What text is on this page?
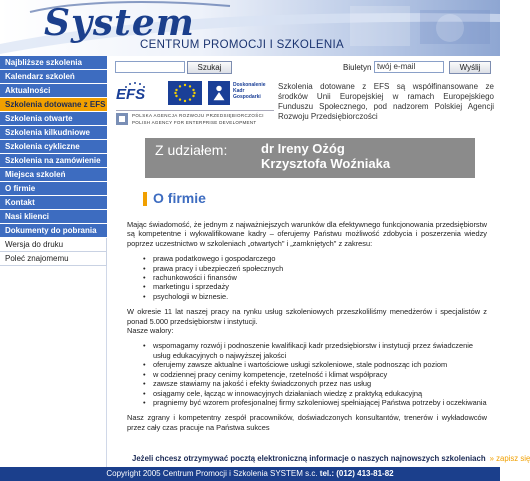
System
CENTRUM PROMOCJI I SZKOLENIA
Najbliższe szkolenia
Kalendarz szkoleń
Aktualności
Szkolenia dotowane z EFS
Szkolenia otwarte
Szkolenia kilkudniowe
Szkolenia cykliczne
Szkolenia na zamówienie
Miejsca szkoleń
O firmie
Kontakt
Nasi klienci
Dokumenty do pobrania
Wersja do druku
Poleć znajomemu
Szukaj	Biuletyn twój e-mail	Wyślij
EFS
Doskonalenie
Kadr
Gospodarki
POLSKA AGENCJA ROZWOJU PRZEDSIĘBIORCZOŚCI
POLISH AGENCY FOR ENTERPRISE DEVELOPMENT
Szkolenia dotowane z EFS są współfinansowane ze środków Unii Europejskiej w ramach Europejskiego Funduszu Społecznego, pod nadzorem Polskiej Agencji Rozwoju Przedsiębiorczości
Z udziałem:	dr Ireny Ożóg
Krzysztofa Woźniaka
O firmie

Mając świadomość, że jednym z najważniejszych warunków dla efektywnego funkcjonowania przedsiębiorstw są kompetentne i wykwalifikowane kadry – oferujemy Państwu możliwość zdobycia i poszerzenia wiedzy poprzez uczestnictwo w szkoleniach „otwartych" i „zamkniętych" z zakresu:

• prawa podatkowego i gospodarczego
• prawa pracy i ubezpieczeń społecznych
• rachunkowości i finansów
• marketingu i sprzedaży
• psychologii w biznesie.

W okresie 11 lat naszej pracy na rynku usług szkoleniowych przeszkoliliśmy menedżerów i specjalistów z ponad 5.000 przedsiębiorstw i instytucji.

Nasze walory:

• wspomagamy rozwój i podnoszenie kwalifikacji kadr przedsiębiorstw i instytucji przez świadczenie usług edukacyjnych o najwyższej jakości
• oferujemy zawsze aktualne i wartościowe usługi szkoleniowe, stale podnosząc ich poziom
• w codziennej pracy cenimy kompetencje, rzetelność i klimat współpracy
• zawsze stawiamy na jakość i efekty świadczonych przez nas usług
• osiągamy cele, łącząc w innowacyjnych działaniach wiedzę z praktyką edukacyjną
• pragniemy być wzorem profesjonalnej firmy szkoleniowej spełniającej Państwa potrzeby i oczekiwania

Nasz zgrany i kompetentny zespół pracowników, doświadczonych konsultantów, trenerów i wykładowców przez cały czas pracuje na Państwa sukces

Jeżeli chcesz otrzymywać pocztą elektroniczną informacje o naszych najnowszych szkoleniach » zapisz się
Copyright 2005 Centrum Promocji i Szkolenia SYSTEM s.c. tel.: (012) 413-81-82
